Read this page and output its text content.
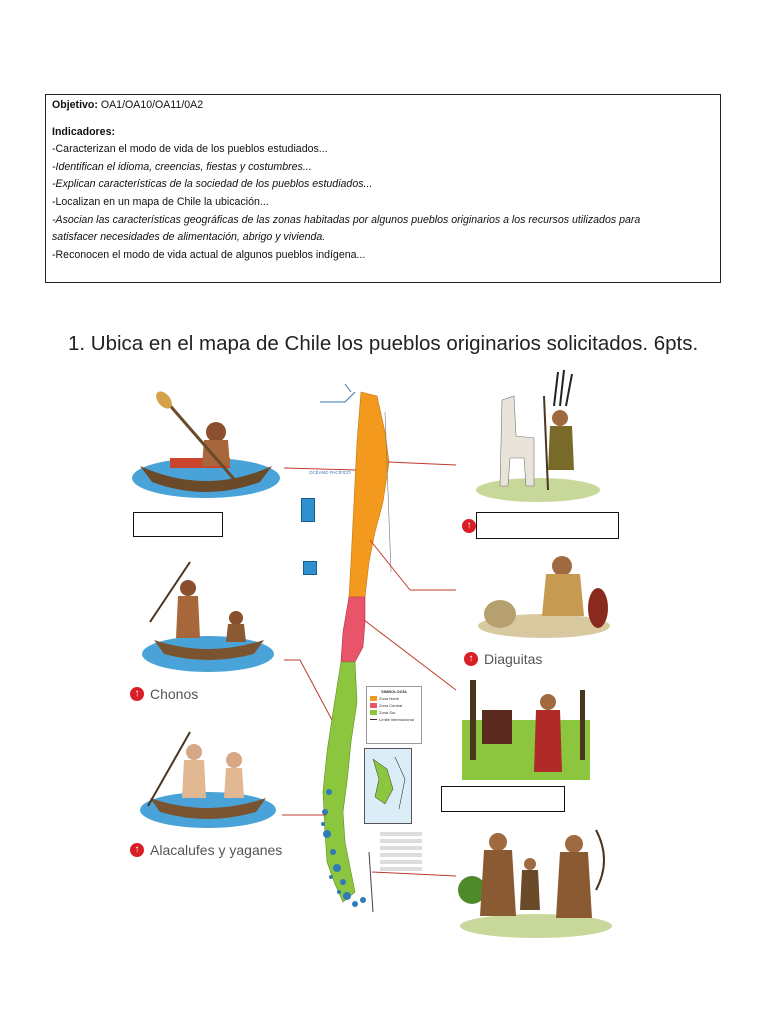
Objetivo: OA1/OA10/OA11/0A2
Indicadores:
-Caracterizan el modo de vida de los pueblos estudiados...
-Identifican el idioma, creencias, fiestas y costumbres...
-Explican características de la sociedad de los pueblos estudiados...
-Localizan en un mapa de Chile la ubicación...
-Asocian las características geográficas de las zonas habitadas por algunos pueblos originarios a los recursos utilizados para
satisfacer necesidades de alimentación, abrigo y vivienda.
-Reconocen el modo de vida actual de algunos pueblos indígena...
1. Ubica en el mapa de Chile los pueblos originarios solicitados. 6pts.
OCÉANO PACÍFICO
SIMBOLOGÍA
Zona Norte
Zona Central
Zona Sur
Límite internacional
↑ Chonos
↑ Alacalufes y yaganes
↑ Diaguitas
↑
